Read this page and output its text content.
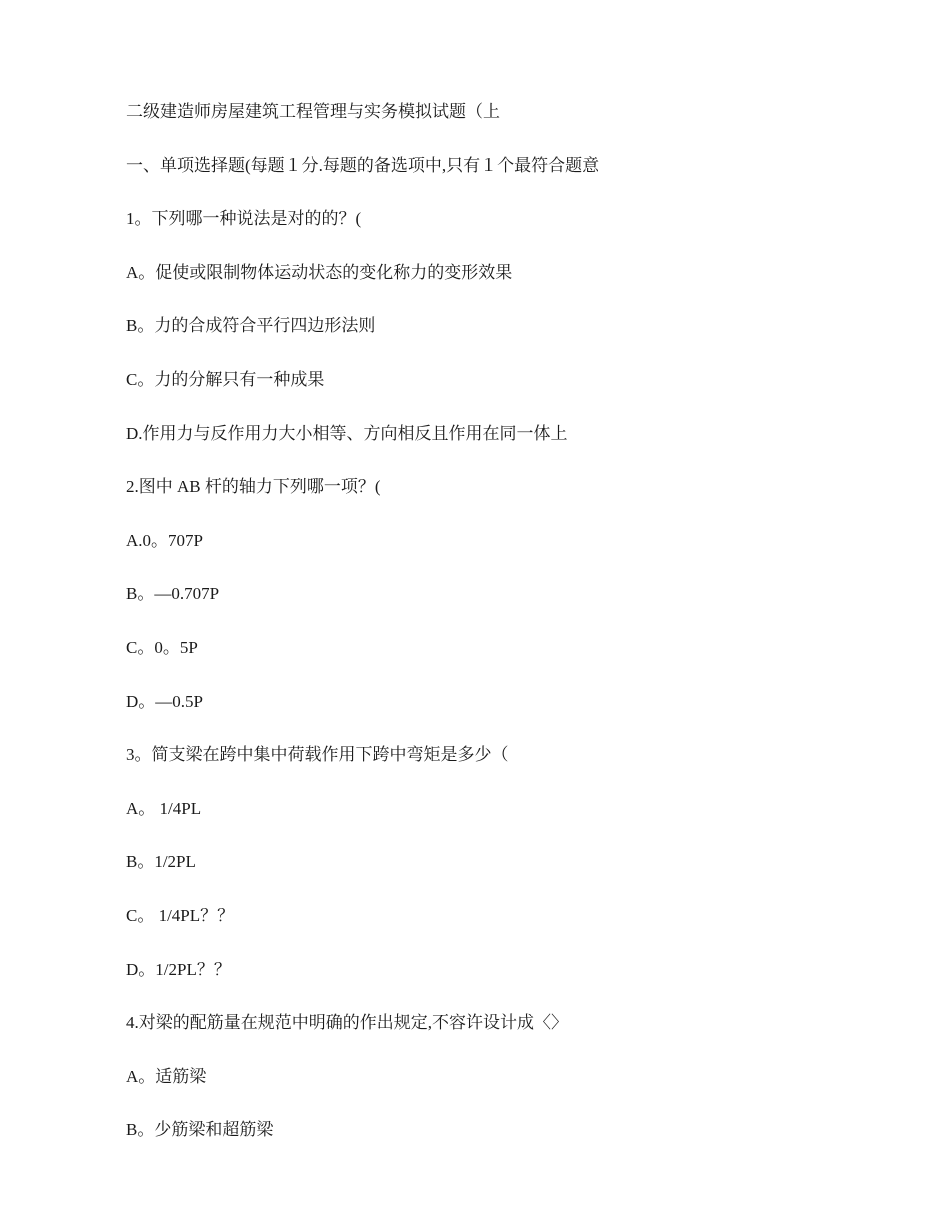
二级建造师房屋建筑工程管理与实务模拟试题（上
一、单项选择题(每题１分.每题的备选项中,只有１个最符合题意
1。下列哪一种说法是对的的？(
A。促使或限制物体运动状态的变化称力的变形效果
B。力的合成符合平行四边形法则
C。力的分解只有一种成果
D.作用力与反作用力大小相等、方向相反且作用在同一体上
2.图中 AB 杆的轴力下列哪一项？(
A.0。707P
B。—0.707P
C。0。5P
D。—0.5P
3。简支梁在跨中集中荷载作用下跨中弯矩是多少（
A。 1/4PL
B。1/2PL
C。 1/4PL？？
D。1/2PL？？
4.对梁的配筋量在规范中明确的作出规定,不容许设计成〈〉
A。适筋梁
B。少筋梁和超筋梁
